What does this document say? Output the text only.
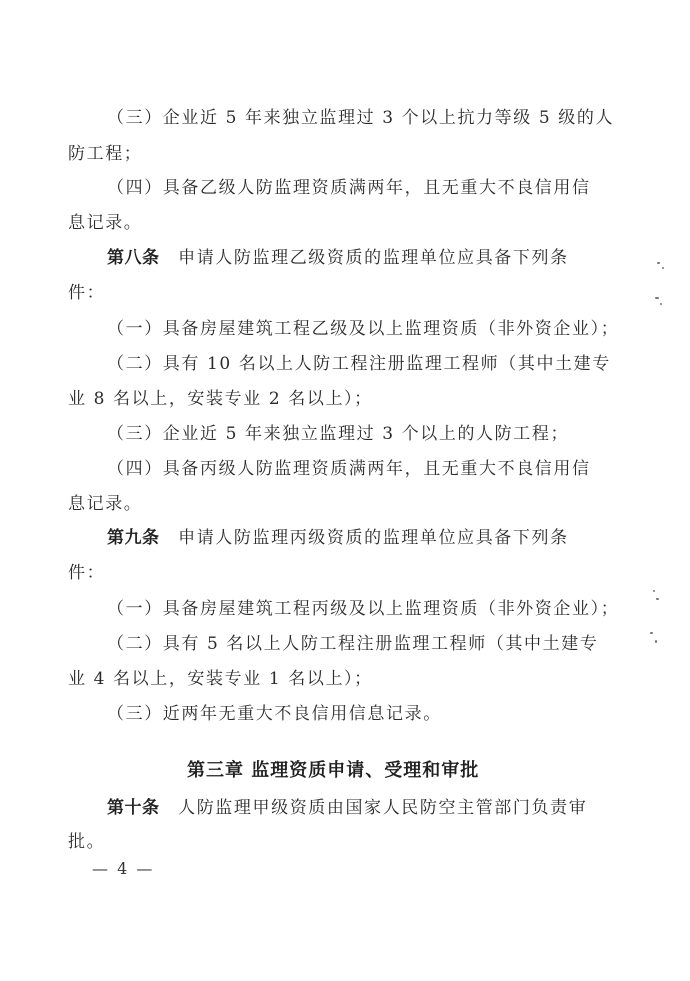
（三）企业近 5 年来独立监理过 3 个以上抗力等级 5 级的人
防工程；
（四）具备乙级人防监理资质满两年，且无重大不良信用信
息记录。
第八条　 申请人防监理乙级资质的监理单位应具备下列条
件：
（一）具备房屋建筑工程乙级及以上监理资质（非外资企业）；
（二）具有 10 名以上人防工程注册监理工程师（其中土建专
业 8 名以上，安装专业 2 名以上）；
（三）企业近 5 年来独立监理过 3 个以上的人防工程；
（四）具备丙级人防监理资质满两年，且无重大不良信用信
息记录。
第九条　 申请人防监理丙级资质的监理单位应具备下列条
件：
（一）具备房屋建筑工程丙级及以上监理资质（非外资企业）；
（二）具有 5 名以上人防工程注册监理工程师（其中土建专
业 4 名以上，安装专业 1 名以上）；
（三）近两年无重大不良信用信息记录。
第三章 监理资质申请、受理和审批
第十条　 人防监理甲级资质由国家人民防空主管部门负责审
批。
— 4 —
